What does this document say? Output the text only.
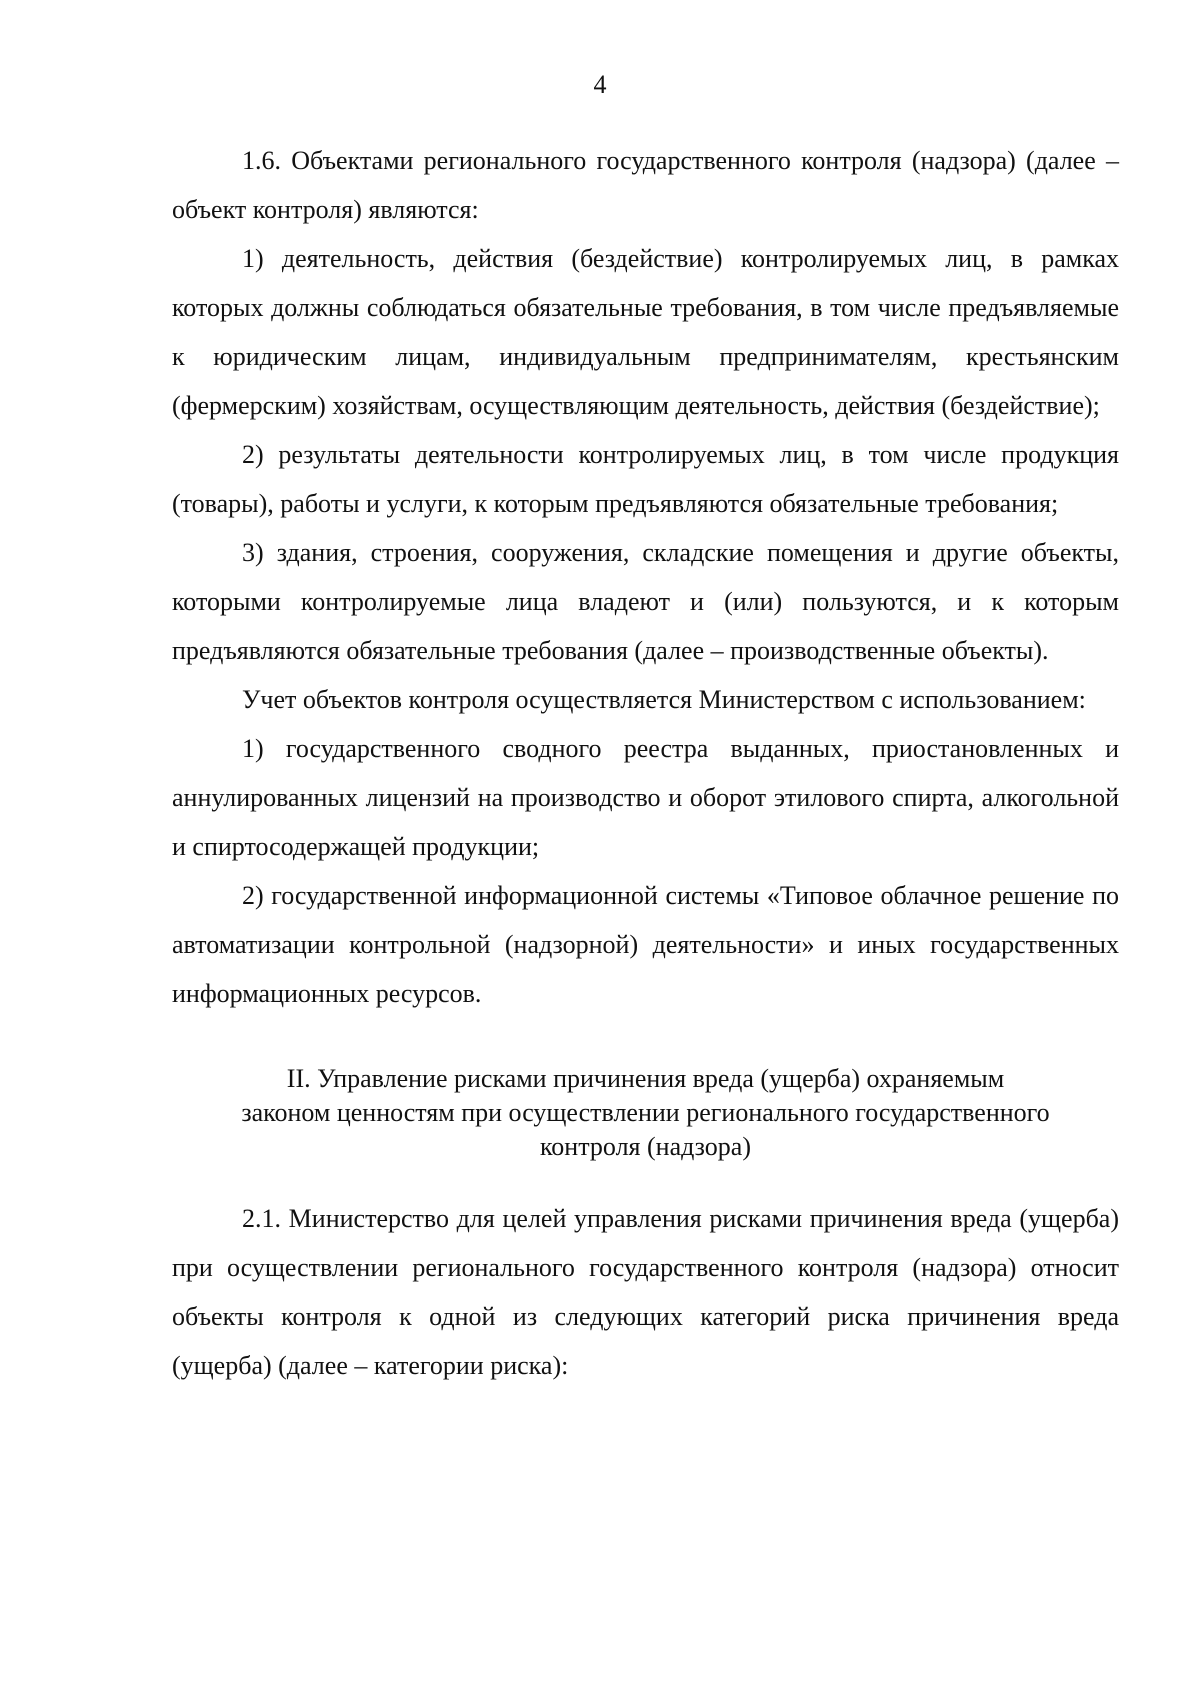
4

1.6. Объектами регионального государственного контроля (надзора) (далее – объект контроля) являются:

1) деятельность, действия (бездействие) контролируемых лиц, в рамках которых должны соблюдаться обязательные требования, в том числе предъявляемые к юридическим лицам, индивидуальным предпринимателям, крестьянским (фермерским) хозяйствам, осуществляющим деятельность, действия (бездействие);

2) результаты деятельности контролируемых лиц, в том числе продукция (товары), работы и услуги, к которым предъявляются обязательные требования;

3) здания, строения, сооружения, складские помещения и другие объекты, которыми контролируемые лица владеют и (или) пользуются, и к которым предъявляются обязательные требования (далее – производственные объекты).

Учет объектов контроля осуществляется Министерством с использованием:

1) государственного сводного реестра выданных, приостановленных и аннулированных лицензий на производство и оборот этилового спирта, алкогольной и спиртосодержащей продукции;

2) государственной информационной системы «Типовое облачное решение по автоматизации контрольной (надзорной) деятельности» и иных государственных информационных ресурсов.

II. Управление рисками причинения вреда (ущерба) охраняемым
законом ценностям при осуществлении регионального государственного
контроля (надзора)

2.1. Министерство для целей управления рисками причинения вреда (ущерба) при осуществлении регионального государственного контроля (надзора) относит объекты контроля к одной из следующих категорий риска причинения вреда (ущерба) (далее – категории риска):
